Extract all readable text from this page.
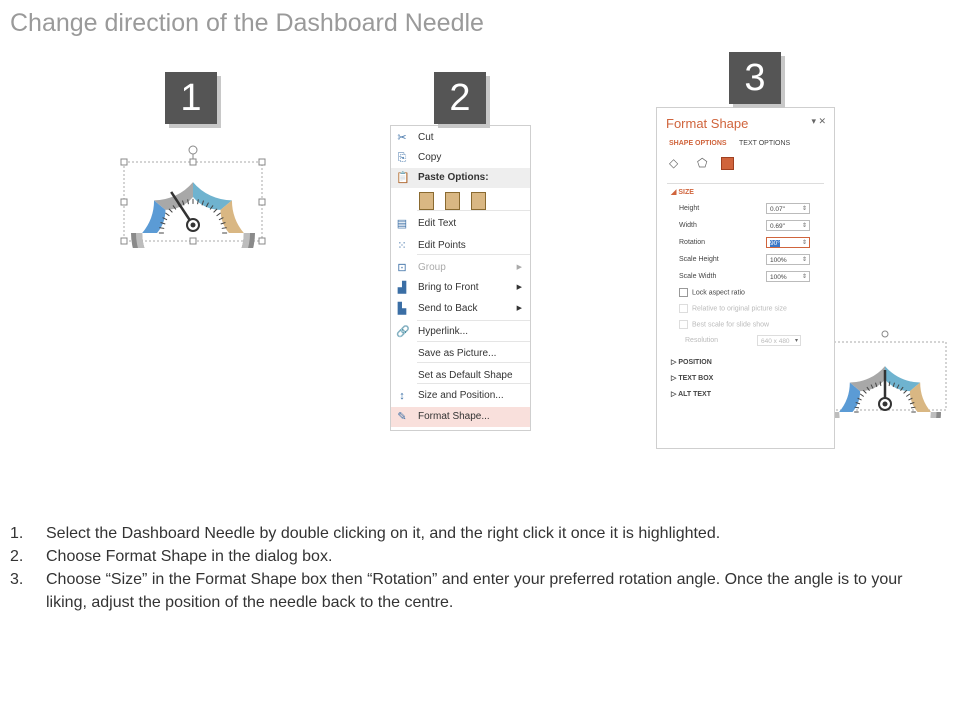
Change direction of the Dashboard Needle
1	2	3
✂ Cut
⎘ Copy
📋 Paste Options:
▤ Edit Text
⁙ Edit Points
⊡ Group	▶
▟ Bring to Front	▶
▙ Send to Back	▶
🔗 Hyperlink...
Save as Picture...
Set as Default Shape
↕	Size and Position...
✎ Format Shape...
Format Shape	▾ ✕
SHAPE OPTIONS TEXT OPTIONS
◇ ⬠
◢ SIZE
Height	0.07"	⇕
Width	0.69"	⇕
Rotation	90°	⇕
Scale Height	100%	⇕
Scale Width	100%	⇕
Lock aspect ratio
Relative to original picture size
Best scale for slide show
Resolution	640 x 480 ▾
▷ POSITION
▷ TEXT BOX
▷ ALT TEXT
1. Select the Dashboard Needle by double clicking on it, and the right click it once it is highlighted.
2. Choose Format Shape in the dialog box.
3. Choose “Size” in the Format Shape box then “Rotation” and enter your preferred rotation angle. Once the angle is to your liking, adjust the position of the needle back to the centre.
